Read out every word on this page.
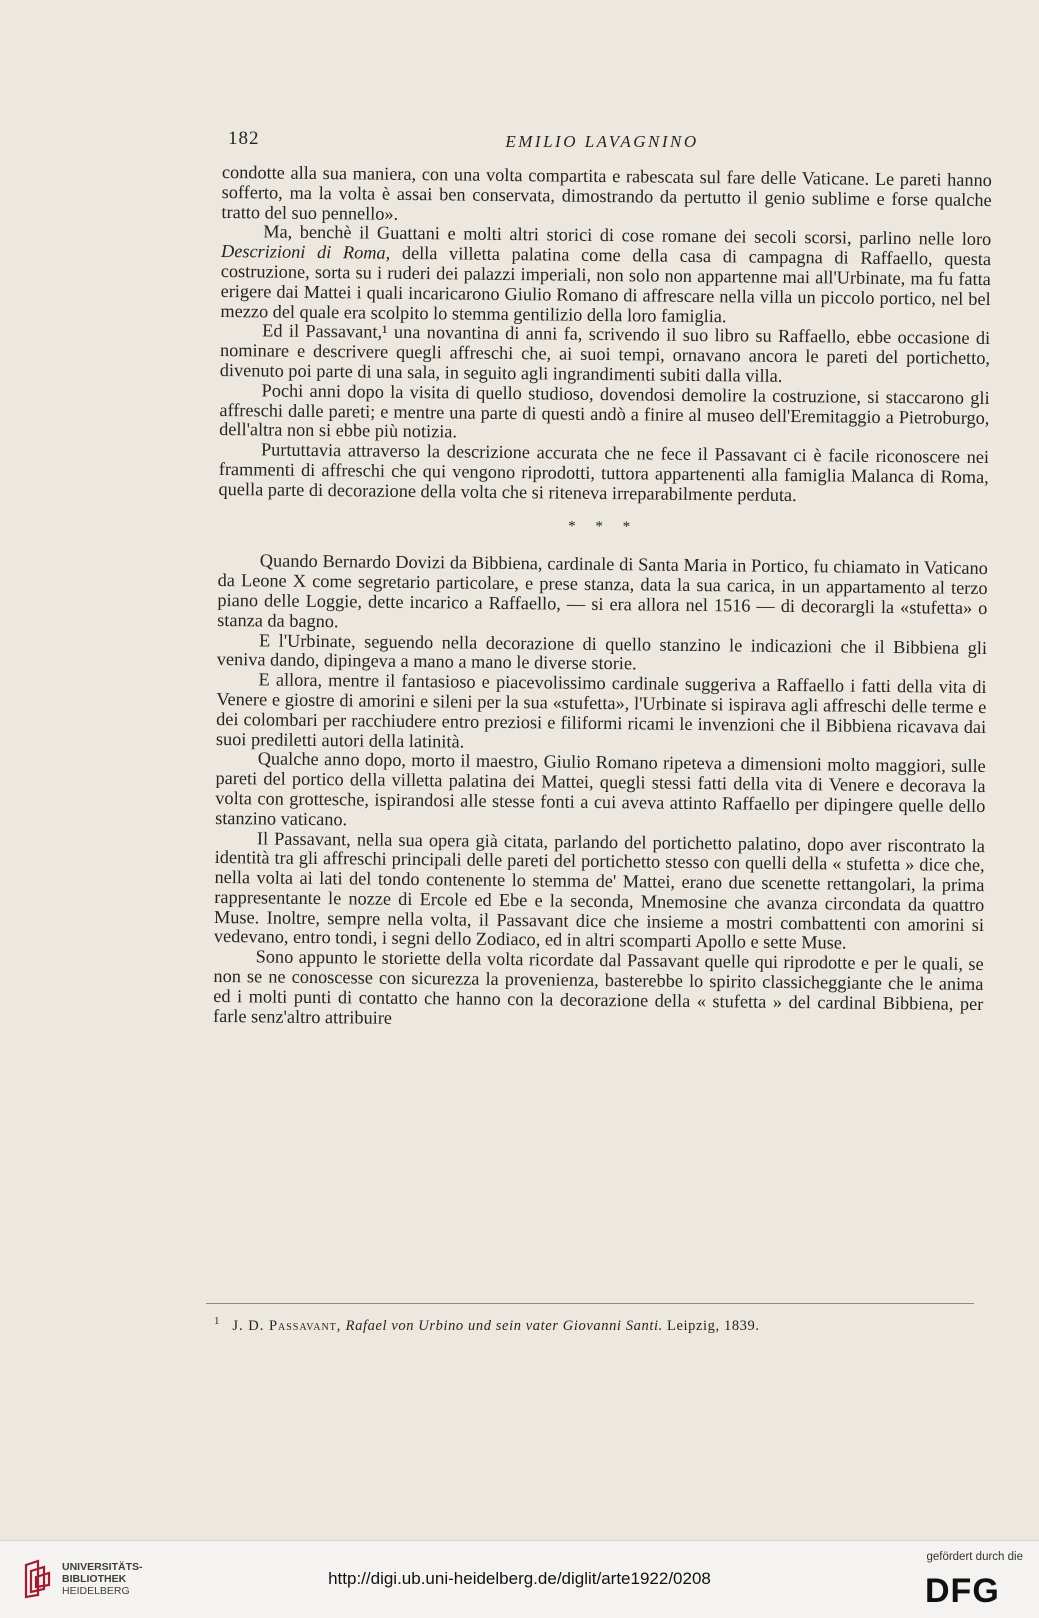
182	EMILIO LAVAGNINO

condotte alla sua maniera, con una volta compartita e rabescata sul fare delle Vaticane. Le pareti hanno sofferto, ma la volta è assai ben conservata, dimostrando da pertutto il genio sublime e forse qualche tratto del suo pennello».

Ma, benchè il Guattani e molti altri storici di cose romane dei secoli scorsi, parlino nelle loro Descrizioni di Roma, della villetta palatina come della casa di campagna di Raffaello, questa costruzione, sorta su i ruderi dei palazzi imperiali, non solo non appartenne mai all'Urbinate, ma fu fatta erigere dai Mattei i quali incaricarono Giulio Romano di affrescare nella villa un piccolo portico, nel bel mezzo del quale era scolpito lo stemma gentilizio della loro famiglia.

Ed il Passavant,¹ una novantina di anni fa, scrivendo il suo libro su Raffaello, ebbe occasione di nominare e descrivere quegli affreschi che, ai suoi tempi, ornavano ancora le pareti del portichetto, divenuto poi parte di una sala, in seguito agli ingrandimenti subiti dalla villa.

Pochi anni dopo la visita di quello studioso, dovendosi demolire la costruzione, si staccarono gli affreschi dalle pareti; e mentre una parte di questi andò a finire al museo dell'Eremitaggio a Pietroburgo, dell'altra non si ebbe più notizia.

Purtuttavia attraverso la descrizione accurata che ne fece il Passavant ci è facile riconoscere nei frammenti di affreschi che qui vengono riprodotti, tuttora appartenenti alla famiglia Malanca di Roma, quella parte di decorazione della volta che si riteneva irreparabilmente perduta.

* * *

Quando Bernardo Dovizi da Bibbiena, cardinale di Santa Maria in Portico, fu chiamato in Vaticano da Leone X come segretario particolare, e prese stanza, data la sua carica, in un appartamento al terzo piano delle Loggie, dette incarico a Raffaello, — si era allora nel 1516 — di decorargli la «stufetta» o stanza da bagno.

E l'Urbinate, seguendo nella decorazione di quello stanzino le indicazioni che il Bibbiena gli veniva dando, dipingeva a mano a mano le diverse storie.

E allora, mentre il fantasioso e piacevolissimo cardinale suggeriva a Raffaello i fatti della vita di Venere e giostre di amorini e sileni per la sua «stufetta», l'Urbinate si ispirava agli affreschi delle terme e dei colombari per racchiudere entro preziosi e filiformi ricami le invenzioni che il Bibbiena ricavava dai suoi prediletti autori della latinità.

Qualche anno dopo, morto il maestro, Giulio Romano ripeteva a dimensioni molto maggiori, sulle pareti del portico della villetta palatina dei Mattei, quegli stessi fatti della vita di Venere e decorava la volta con grottesche, ispirandosi alle stesse fonti a cui aveva attinto Raffaello per dipingere quelle dello stanzino vaticano.

Il Passavant, nella sua opera già citata, parlando del portichetto palatino, dopo aver riscontrato la identità tra gli affreschi principali delle pareti del portichetto stesso con quelli della « stufetta » dice che, nella volta ai lati del tondo contenente lo stemma de' Mattei, erano due scenette rettangolari, la prima rappresentante le nozze di Ercole ed Ebe e la seconda, Mnemosine che avanza circondata da quattro Muse. Inoltre, sempre nella volta, il Passavant dice che insieme a mostri combattenti con amorini si vedevano, entro tondi, i segni dello Zodiaco, ed in altri scomparti Apollo e sette Muse.

Sono appunto le storiette della volta ricordate dal Passavant quelle qui riprodotte e per le quali, se non se ne conoscesse con sicurezza la provenienza, basterebbe lo spirito classicheggiante che le anima ed i molti punti di contatto che hanno con la decorazione della « stufetta » del cardinal Bibbiena, per farle senz'altro attribuire

$^1$ J. D. Passavant, Rafael von Urbino und sein vater Giovanni Santi. Leipzig, 1839.
UNIVERSITÄTS-
BIBLIOTHEK
HEIDELBERG
http://digi.ub.uni-heidelberg.de/diglit/arte1922/0208
gefördert durch die
DFG
